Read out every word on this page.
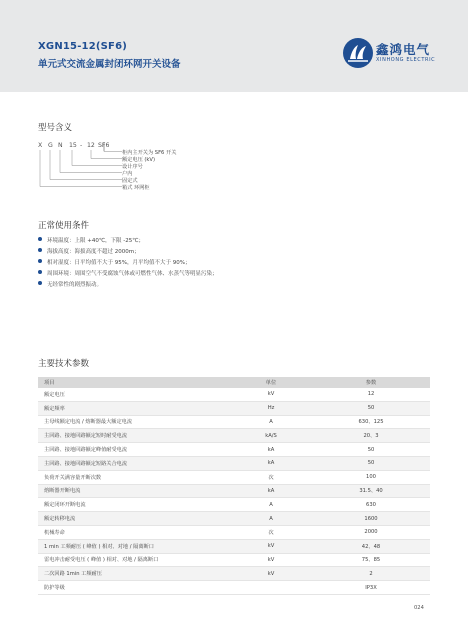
XGN15-12(SF6)
单元式交流金属封闭环网开关设备
鑫鸿电气
XINHONG ELECTRIC
型号含义
X G N 15 - 12 SF6
柜内主开关为 SF6 开关
额定电压 (kV)
设计序号
户内
固定式
箱式 环网柜
正常使用条件
环境温度：上限 +40℃，下限 -25℃；
海拔高度：海拔高度不超过 2000m；
相对湿度：日平均值不大于 95%，月平均值不大于 90%；
周围环境：周围空气不受腐蚀气体或可燃性气体、水蒸气等明显污染；
无经常性的剧烈振动。
主要技术参数
项目	单位	参数
额定电压	kV	12
额定频率	Hz	50
主母线额定电流 / 熔断器最大额定电流	A	630、125
主回路、接地回路额定短时耐受电流	kA/S	20、3
主回路、接地回路额定峰值耐受电流	kA	50
主回路、接地回路额定短路关合电流	kA	50
负荷开关满容量开断次数	次	100
熔断器开断电流	kA	31.5、40
额定闭环开断电流	A	630
额定转移电流	A	1600
机械寿命	次	2000
1 min 工频耐压 ( 峰值 ) 相对、对地 / 隔离断口	kV	42、48
雷电冲击耐受电压 ( 峰值 ) 相对、对地 / 隔离断口	kV	75、85
二次回路 1min 工频耐压	kV	2
防护等级		IP3X
024
